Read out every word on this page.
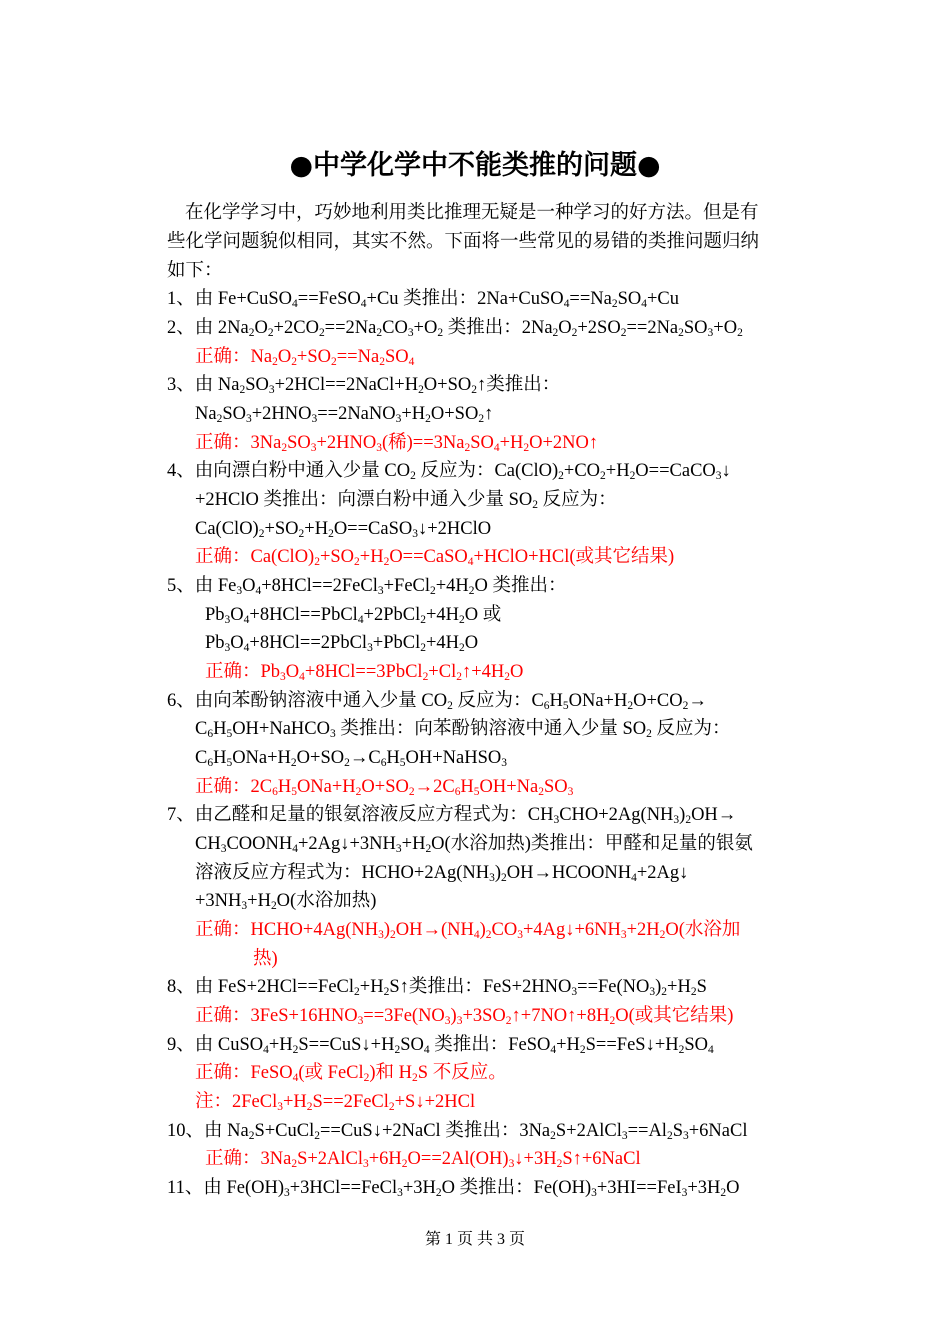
●中学化学中不能类推的问题●
在化学学习中，巧妙地利用类比推理无疑是一种学习的好方法。但是有
些化学问题貌似相同，其实不然。下面将一些常见的易错的类推问题归纳
如下：
1、由 Fe+CuSO$_4$==FeSO$_4$+Cu 类推出：$2Na+CuSO_4==Na_2SO_4+Cu$
2、由 $2Na_2O_2+2CO_2==2Na_2CO_3+O_2$ 类推出：$2Na_2O_2+2SO_2==2Na_2SO_3+O_2$
正确：$Na_2O_2+SO_2==Na_2SO_4$
3、由 $Na_2SO_3+2HCl==2NaCl+H_2O+SO_2↑$类推出：
$Na_2SO_3+2HNO_3==2NaNO_3+H_2O+SO_2↑$
正确：$3Na_2SO_3+2HNO_3$(稀)$==3Na_2SO_4+H_2O+2NO↑$
4、由向漂白粉中通入少量 $CO_2$ 反应为：$Ca(ClO)_2+CO_2+H_2O==CaCO_3↓$
+2HClO 类推出：向漂白粉中通入少量 $SO_2$ 反应为：
$Ca(ClO)_2+SO_2+H_2O==CaSO_3↓+2HClO$
正确：$Ca(ClO)_2+SO_2+H_2O==CaSO_4+HClO+HCl$(或其它结果)
5、由 $Fe_3O_4+8HCl==2FeCl_3+FeCl_2+4H_2O$ 类推出：
$Pb_3O_4+8HCl==PbCl_4+2PbCl_2+4H_2O$ 或
$Pb_3O_4+8HCl==2PbCl_3+PbCl_2+4H_2O$
正确：$Pb_3O_4+8HCl==3PbCl_2+Cl_2↑+4H_2O$
6、由向苯酚钠溶液中通入少量 $CO_2$ 反应为：$C_6H_5ONa+H_2O+CO_2\to$
$C_6H_5OH+NaHCO_3$ 类推出：向苯酚钠溶液中通入少量 $SO_2$ 反应为：
$C_6H_5ONa+H_2O+SO_2\to C_6H_5OH+NaHSO_3$
正确：$2C_6H_5ONa+H_2O+SO_2\to 2C_6H_5OH+Na_2SO_3$
7、由乙醛和足量的银氨溶液反应方程式为：$CH_3CHO+2Ag(NH_3)_2OH\to$
$CH_3COONH_4+2Ag↓+3NH_3+H_2O$(水浴加热)类推出：甲醛和足量的银氨
溶液反应方程式为：$HCHO+2Ag(NH_3)_2OH\to HCOONH_4+2Ag↓$
$+3NH_3+H_2O$(水浴加热)
正确：$HCHO+4Ag(NH_3)_2OH\to(NH_4)_2CO_3+4Ag↓+6NH_3+2H_2O$(水浴加
热)
8、由 $FeS+2HCl==FeCl_2+H_2S↑$类推出：$FeS+2HNO_3==Fe(NO_3)_2+H_2S$
正确：$3FeS+16HNO_3==3Fe(NO_3)_3+3SO_2↑+7NO↑+8H_2O$(或其它结果)
9、由 $CuSO_4+H_2S==CuS↓+H_2SO_4$ 类推出：$FeSO_4+H_2S==FeS↓+H_2SO_4$
正确：FeSO$_4$(或 FeCl$_2$)和 $H_2S$ 不反应。
注：$2FeCl_3+H_2S==2FeCl_2+S↓+2HCl$
10、由 $Na_2S+CuCl_2==CuS↓+2NaCl$ 类推出：$3Na_2S+2AlCl_3==Al_2S_3+6NaCl$
正确：$3Na_2S+2AlCl_3+6H_2O==2Al(OH)_3↓+3H_2S↑+6NaCl$
11、由 $Fe(OH)_3+3HCl==FeCl_3+3H_2O$ 类推出：$Fe(OH)_3+3HI==FeI_3+3H_2O$
第 1 页 共 3 页
